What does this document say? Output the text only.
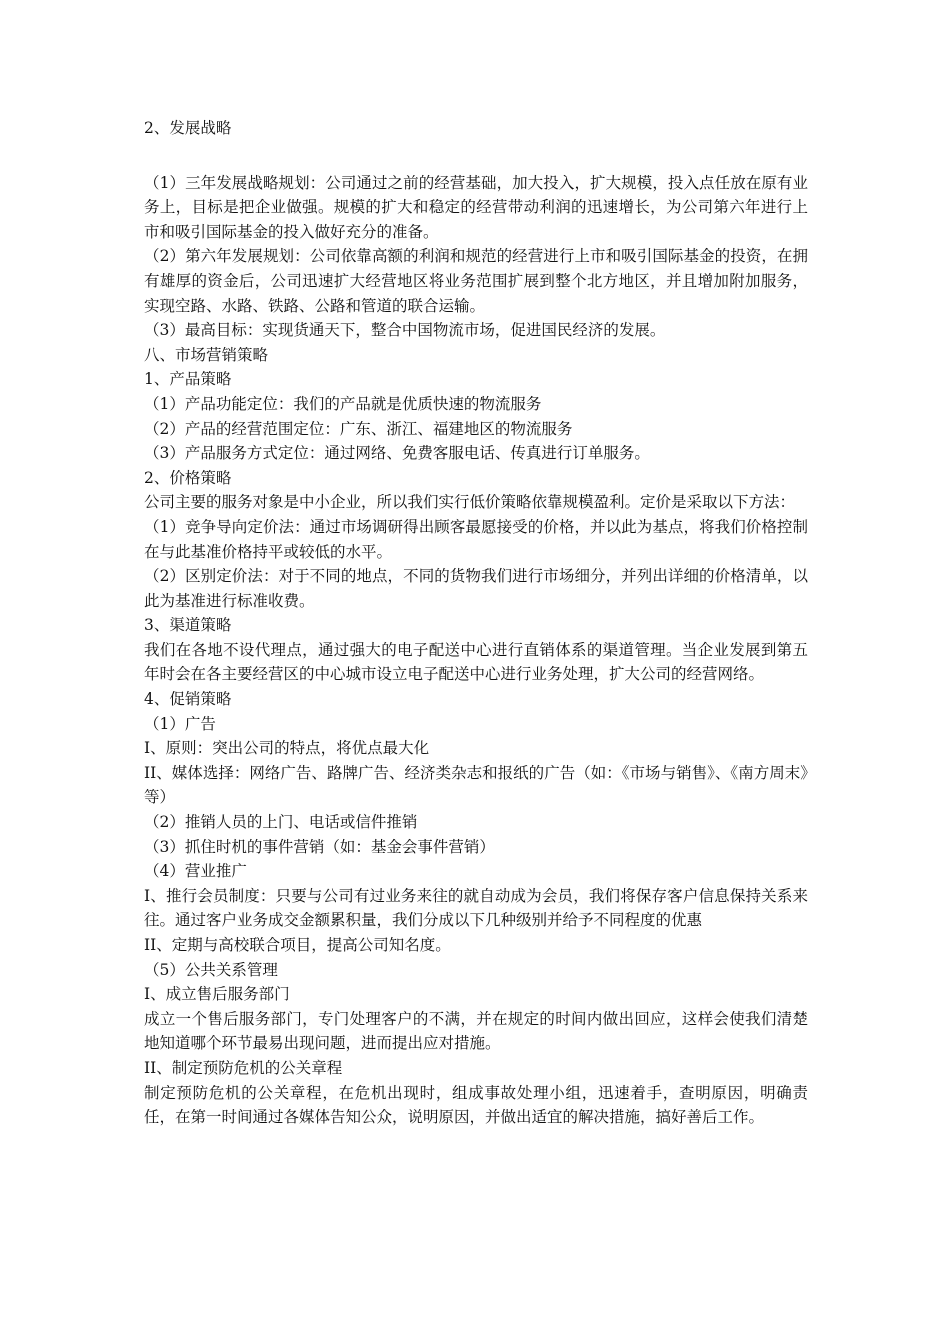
2、发展战略

（1）三年发展战略规划：公司通过之前的经营基础，加大投入，扩大规模，投入点任放在原有业务上，目标是把企业做强。规模的扩大和稳定的经营带动利润的迅速增长，为公司第六年进行上市和吸引国际基金的投入做好充分的准备。

（2）第六年发展规划：公司依靠高额的利润和规范的经营进行上市和吸引国际基金的投资，在拥有雄厚的资金后，公司迅速扩大经营地区将业务范围扩展到整个北方地区，并且增加附加服务，实现空路、水路、铁路、公路和管道的联合运输。

（3）最高目标：实现货通天下，整合中国物流市场，促进国民经济的发展。

八、市场营销策略

1、产品策略

（1）产品功能定位：我们的产品就是优质快速的物流服务

（2）产品的经营范围定位：广东、浙江、福建地区的物流服务

（3）产品服务方式定位：通过网络、免费客服电话、传真进行订单服务。

2、价格策略

公司主要的服务对象是中小企业，所以我们实行低价策略依靠规模盈利。定价是采取以下方法：

（1）竞争导向定价法：通过市场调研得出顾客最愿接受的价格，并以此为基点，将我们价格控制在与此基准价格持平或较低的水平。

（2）区别定价法：对于不同的地点，不同的货物我们进行市场细分，并列出详细的价格清单，以此为基准进行标准收费。

3、渠道策略

我们在各地不设代理点，通过强大的电子配送中心进行直销体系的渠道管理。当企业发展到第五年时会在各主要经营区的中心城市设立电子配送中心进行业务处理，扩大公司的经营网络。

4、促销策略

（1）广告

I、原则：突出公司的特点，将优点最大化

II、媒体选择：网络广告、路牌广告、经济类杂志和报纸的广告（如：《市场与销售》、《南方周末》等）

（2）推销人员的上门、电话或信件推销

（3）抓住时机的事件营销（如：基金会事件营销）

（4）营业推广

I、推行会员制度：只要与公司有过业务来往的就自动成为会员，我们将保存客户信息保持关系来往。通过客户业务成交金额累积量，我们分成以下几种级别并给予不同程度的优惠

II、定期与高校联合项目，提高公司知名度。

（5）公共关系管理

I、成立售后服务部门

成立一个售后服务部门，专门处理客户的不满，并在规定的时间内做出回应，这样会使我们清楚地知道哪个环节最易出现问题，进而提出应对措施。

II、制定预防危机的公关章程

制定预防危机的公关章程，在危机出现时，组成事故处理小组，迅速着手，查明原因，明确责任，在第一时间通过各媒体告知公众，说明原因，并做出适宜的解决措施，搞好善后工作。
